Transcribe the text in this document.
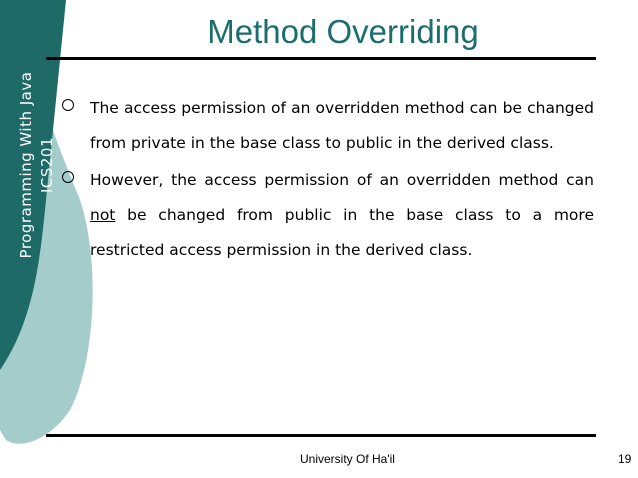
Programming With Java ICS201
Method Overriding
The access permission of an overridden method can be changed from private in the base class to public in the derived class.
However, the access permission of an overridden method can not be changed from public in the base class to a more restricted access permission in the derived class.
University Of Ha'il	19
